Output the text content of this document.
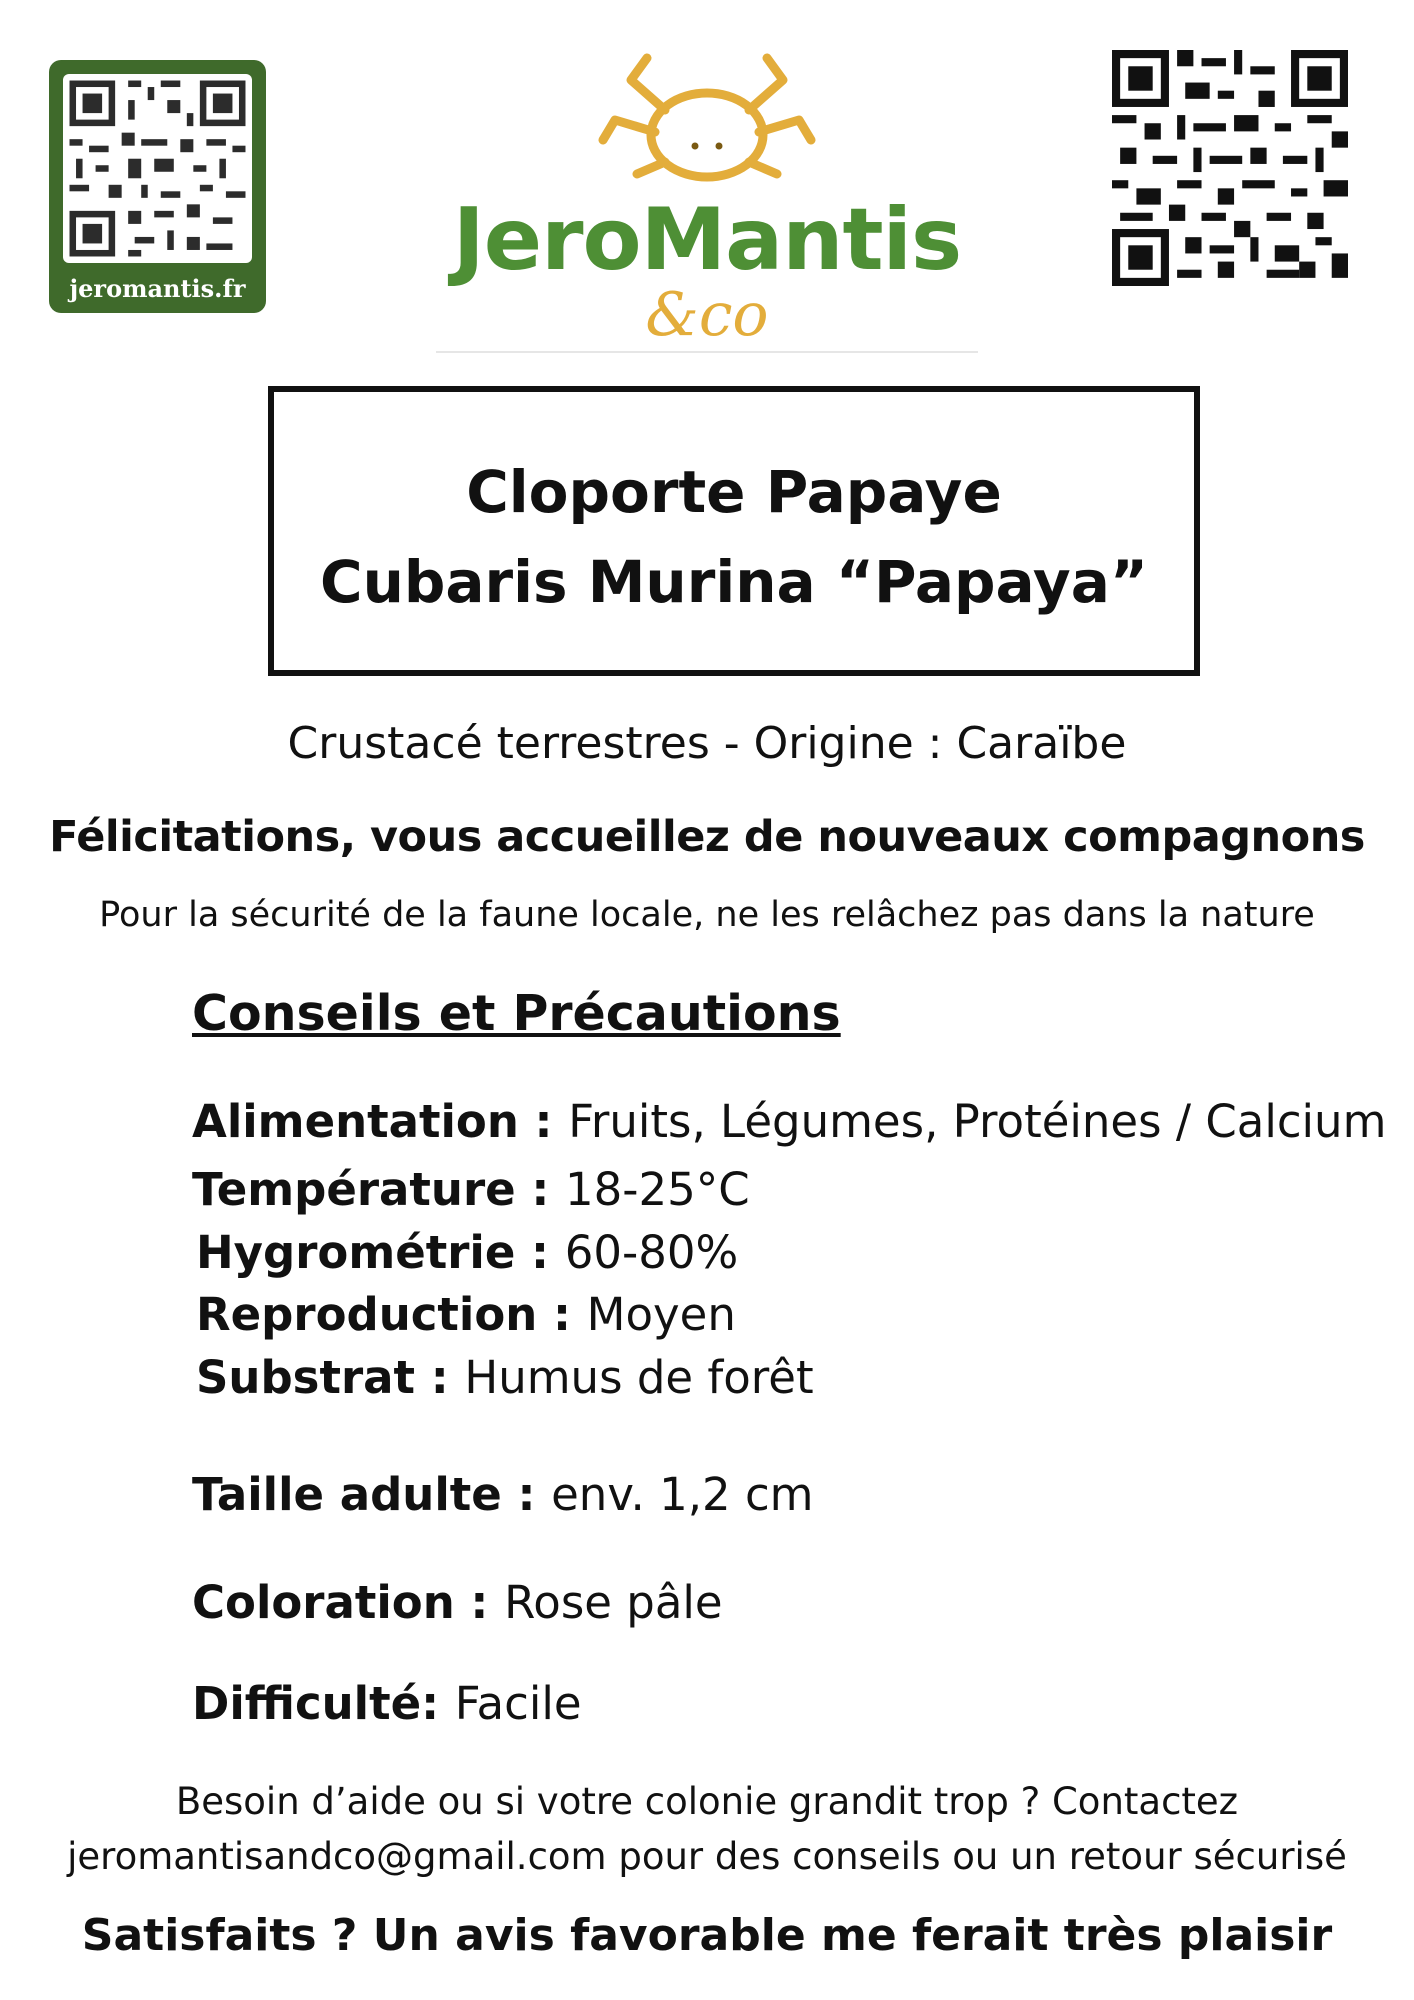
jeromantis.fr JeroMantis
&co
Cloporte Papaye
Cubaris Murina “Papaya”
Crustacé terrestres - Origine : Caraïbe
Félicitations, vous accueillez de nouveaux compagnons
Pour la sécurité de la faune locale, ne les relâchez pas dans la nature
Conseils et Précautions
Alimentation : Fruits, Légumes, Protéines / Calcium
Température : 18-25°C
Hygrométrie : 60-80%
Reproduction : Moyen
Substrat : Humus de forêt
Taille adulte : env. 1,2 cm
Coloration : Rose pâle
Difficulté: Facile
Besoin d’aide ou si votre colonie grandit trop ? Contactez
jeromantisandco@gmail.com pour des conseils ou un retour sécurisé
Satisfaits ? Un avis favorable me ferait très plaisir
